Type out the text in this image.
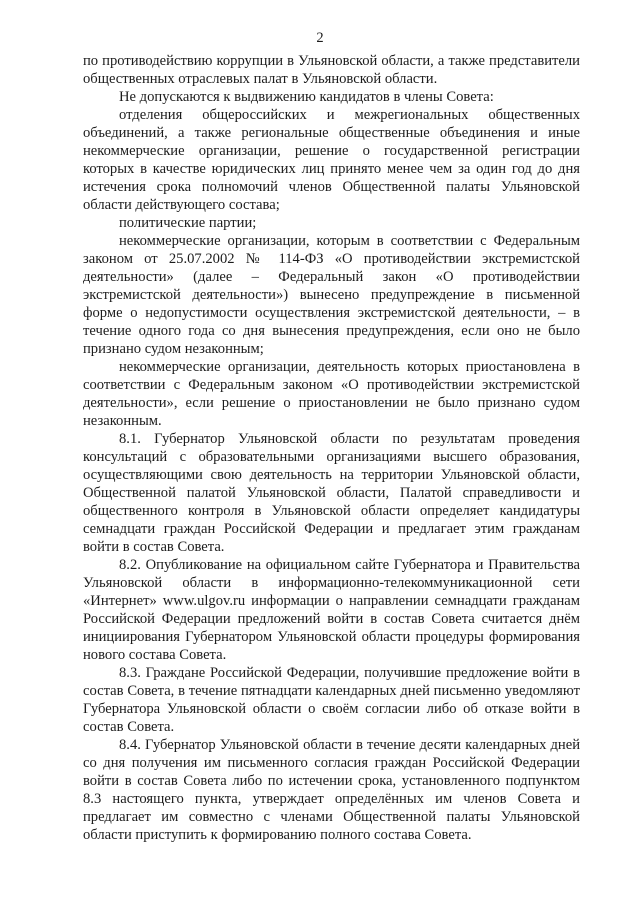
2

по противодействию коррупции в Ульяновской области, а также представители общественных отраслевых палат в Ульяновской области.

Не допускаются к выдвижению кандидатов в члены Совета:

отделения общероссийских и межрегиональных общественных объединений, а также региональные общественные объединения и иные некоммерческие организации, решение о государственной регистрации которых в качестве юридических лиц принято менее чем за один год до дня истечения срока полномочий членов Общественной палаты Ульяновской области действующего состава;

политические партии;

некоммерческие организации, которым в соответствии с Федеральным законом от 25.07.2002 № 114-ФЗ «О противодействии экстремистской деятельности» (далее – Федеральный закон «О противодействии экстремистской деятельности») вынесено предупреждение в письменной форме о недопустимости осуществления экстремистской деятельности, – в течение одного года со дня вынесения предупреждения, если оно не было признано судом незаконным;

некоммерческие организации, деятельность которых приостановлена в соответствии с Федеральным законом «О противодействии экстремистской деятельности», если решение о приостановлении не было признано судом незаконным.

8.1. Губернатор Ульяновской области по результатам проведения консультаций с образовательными организациями высшего образования, осуществляющими свою деятельность на территории Ульяновской области, Общественной палатой Ульяновской области, Палатой справедливости и общественного контроля в Ульяновской области определяет кандидатуры семнадцати граждан Российской Федерации и предлагает этим гражданам войти в состав Совета.

8.2. Опубликование на официальном сайте Губернатора и Правительства Ульяновской области в информационно-телекоммуникационной сети «Интернет» www.ulgov.ru информации о направлении семнадцати гражданам Российской Федерации предложений войти в состав Совета считается днём инициирования Губернатором Ульяновской области процедуры формирования нового состава Совета.

8.3. Граждане Российской Федерации, получившие предложение войти в состав Совета, в течение пятнадцати календарных дней письменно уведомляют Губернатора Ульяновской области о своём согласии либо об отказе войти в состав Совета.

8.4. Губернатор Ульяновской области в течение десяти календарных дней со дня получения им письменного согласия граждан Российской Федерации войти в состав Совета либо по истечении срока, установленного подпунктом 8.3 настоящего пункта, утверждает определённых им членов Совета и предлагает им совместно с членами Общественной палаты Ульяновской области приступить к формированию полного состава Совета.
